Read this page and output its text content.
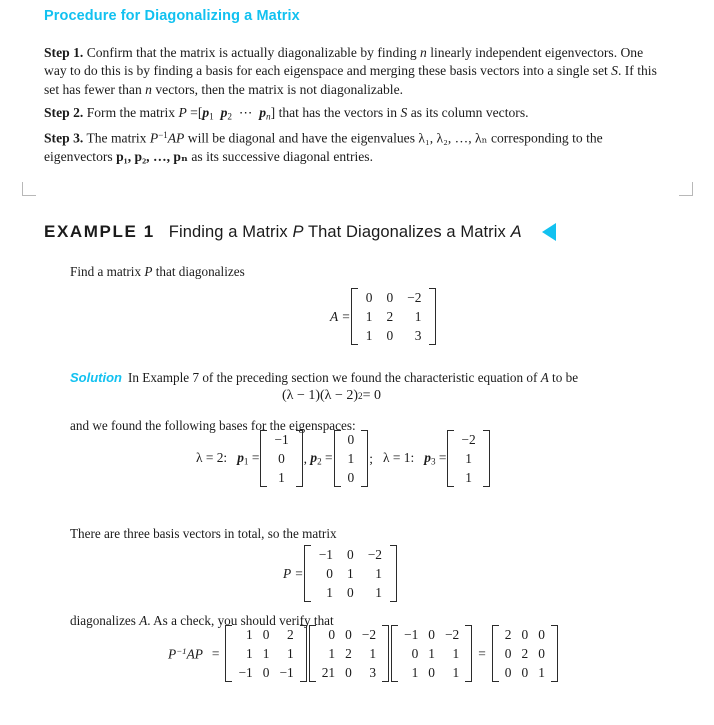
Procedure for Diagonalizing a Matrix

Step 1. Confirm that the matrix is actually diagonalizable by finding n linearly independent eigenvectors. One way to do this is by finding a basis for each eigenspace and merging these basis vectors into a single set S. If this set has fewer than n vectors, then the matrix is not diagonalizable.

Step 2. Form the matrix $P =[p_1$ $p_2$ ⋯ $p_n$] that has the vectors in S as its column vectors.

Step 3. The matrix $P^{-1}AP$ will be diagonal and have the eigenvalues λ₁, λ₂, …, λₙ corresponding to the eigenvectors p₁, p₂, …, pₙ as its successive diagonal entries.

EXAMPLE 1 Finding a Matrix P That Diagonalizes a Matrix A
Find a matrix P that diagonalizes
A =
0	0	−2
1	2	1
1	0	3
Solution In Example 7 of the preceding section we found the characteristic equation of A to be
(λ − 1)(λ − 2) 2 = 0
and we found the following bases for the eigenspaces:
λ = 2: $p_1$ =
−1
0
1
,
$p_2$ =
0
1
0
;
λ = 1: $p_3$ =
−2
1
1
There are three basis vectors in total, so the matrix
P =
−1	0	−2
0	1	1
1	0	1
diagonalizes A. As a check, you should verify that
$P^{-1}AP$ =
1	0	2
1	1	1
−1	0	−1
0	0	−2
1	2	1
21	0	3
−1	0	−2
0	1	1
1	0	1
=
2	0	0
0	2	0
0	0	1
